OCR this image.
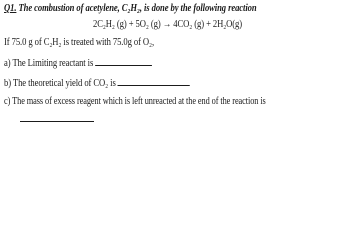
Q1. The combustion of acetylene, C₂H₂, is done by the following reaction
2C₂H₂ (g) + 5O₂ (g) → 4CO₂ (g) + 2H₂O(g)
If 75.0 g of C₂H₂ is treated with 75.0g of O₂,
a) The Limiting reactant is
b) The theoretical yield of CO₂ is
c) The mass of excess reagent which is left unreacted at the end of the reaction is
